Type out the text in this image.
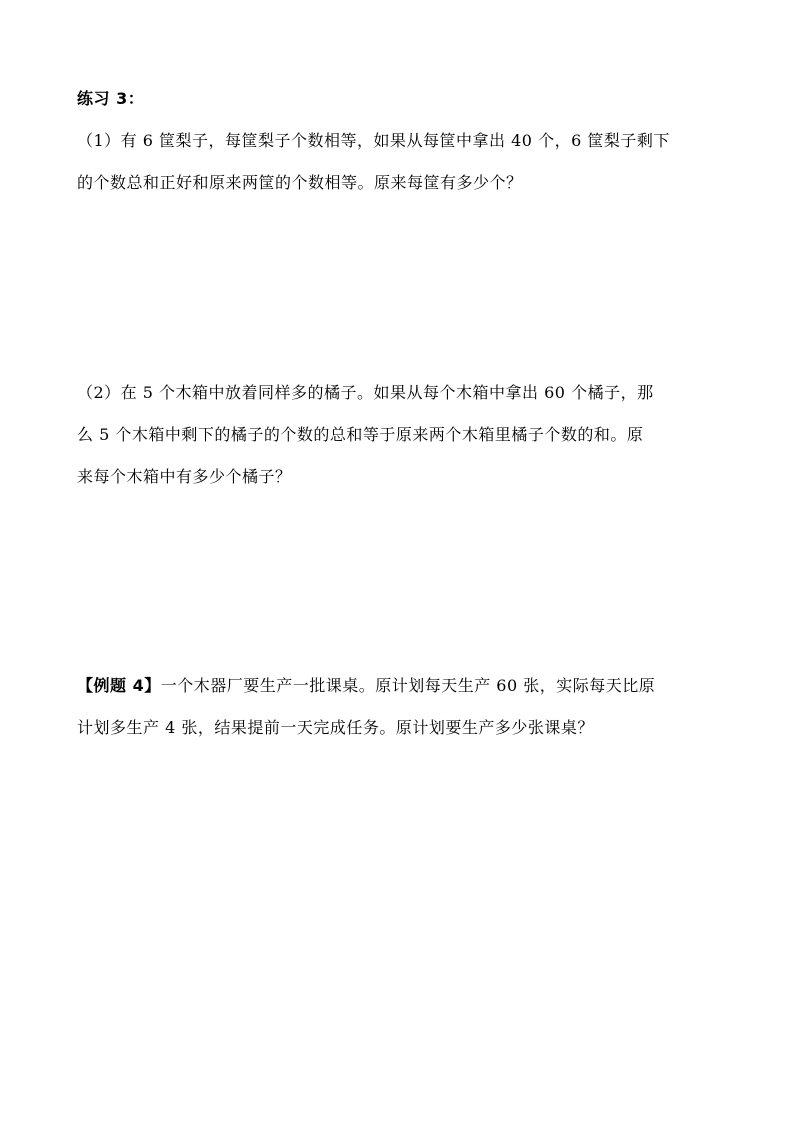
练习 3：
（1）有 6 筐梨子，每筐梨子个数相等，如果从每筐中拿出 40 个，6 筐梨子剩下
的个数总和正好和原来两筐的个数相等。原来每筐有多少个？
（2）在 5 个木箱中放着同样多的橘子。如果从每个木箱中拿出 60 个橘子，那
么 5 个木箱中剩下的橘子的个数的总和等于原来两个木箱里橘子个数的和。原
来每个木箱中有多少个橘子？
【例题 4】一个木器厂要生产一批课桌。原计划每天生产 60 张，实际每天比原
计划多生产 4 张，结果提前一天完成任务。原计划要生产多少张课桌？
